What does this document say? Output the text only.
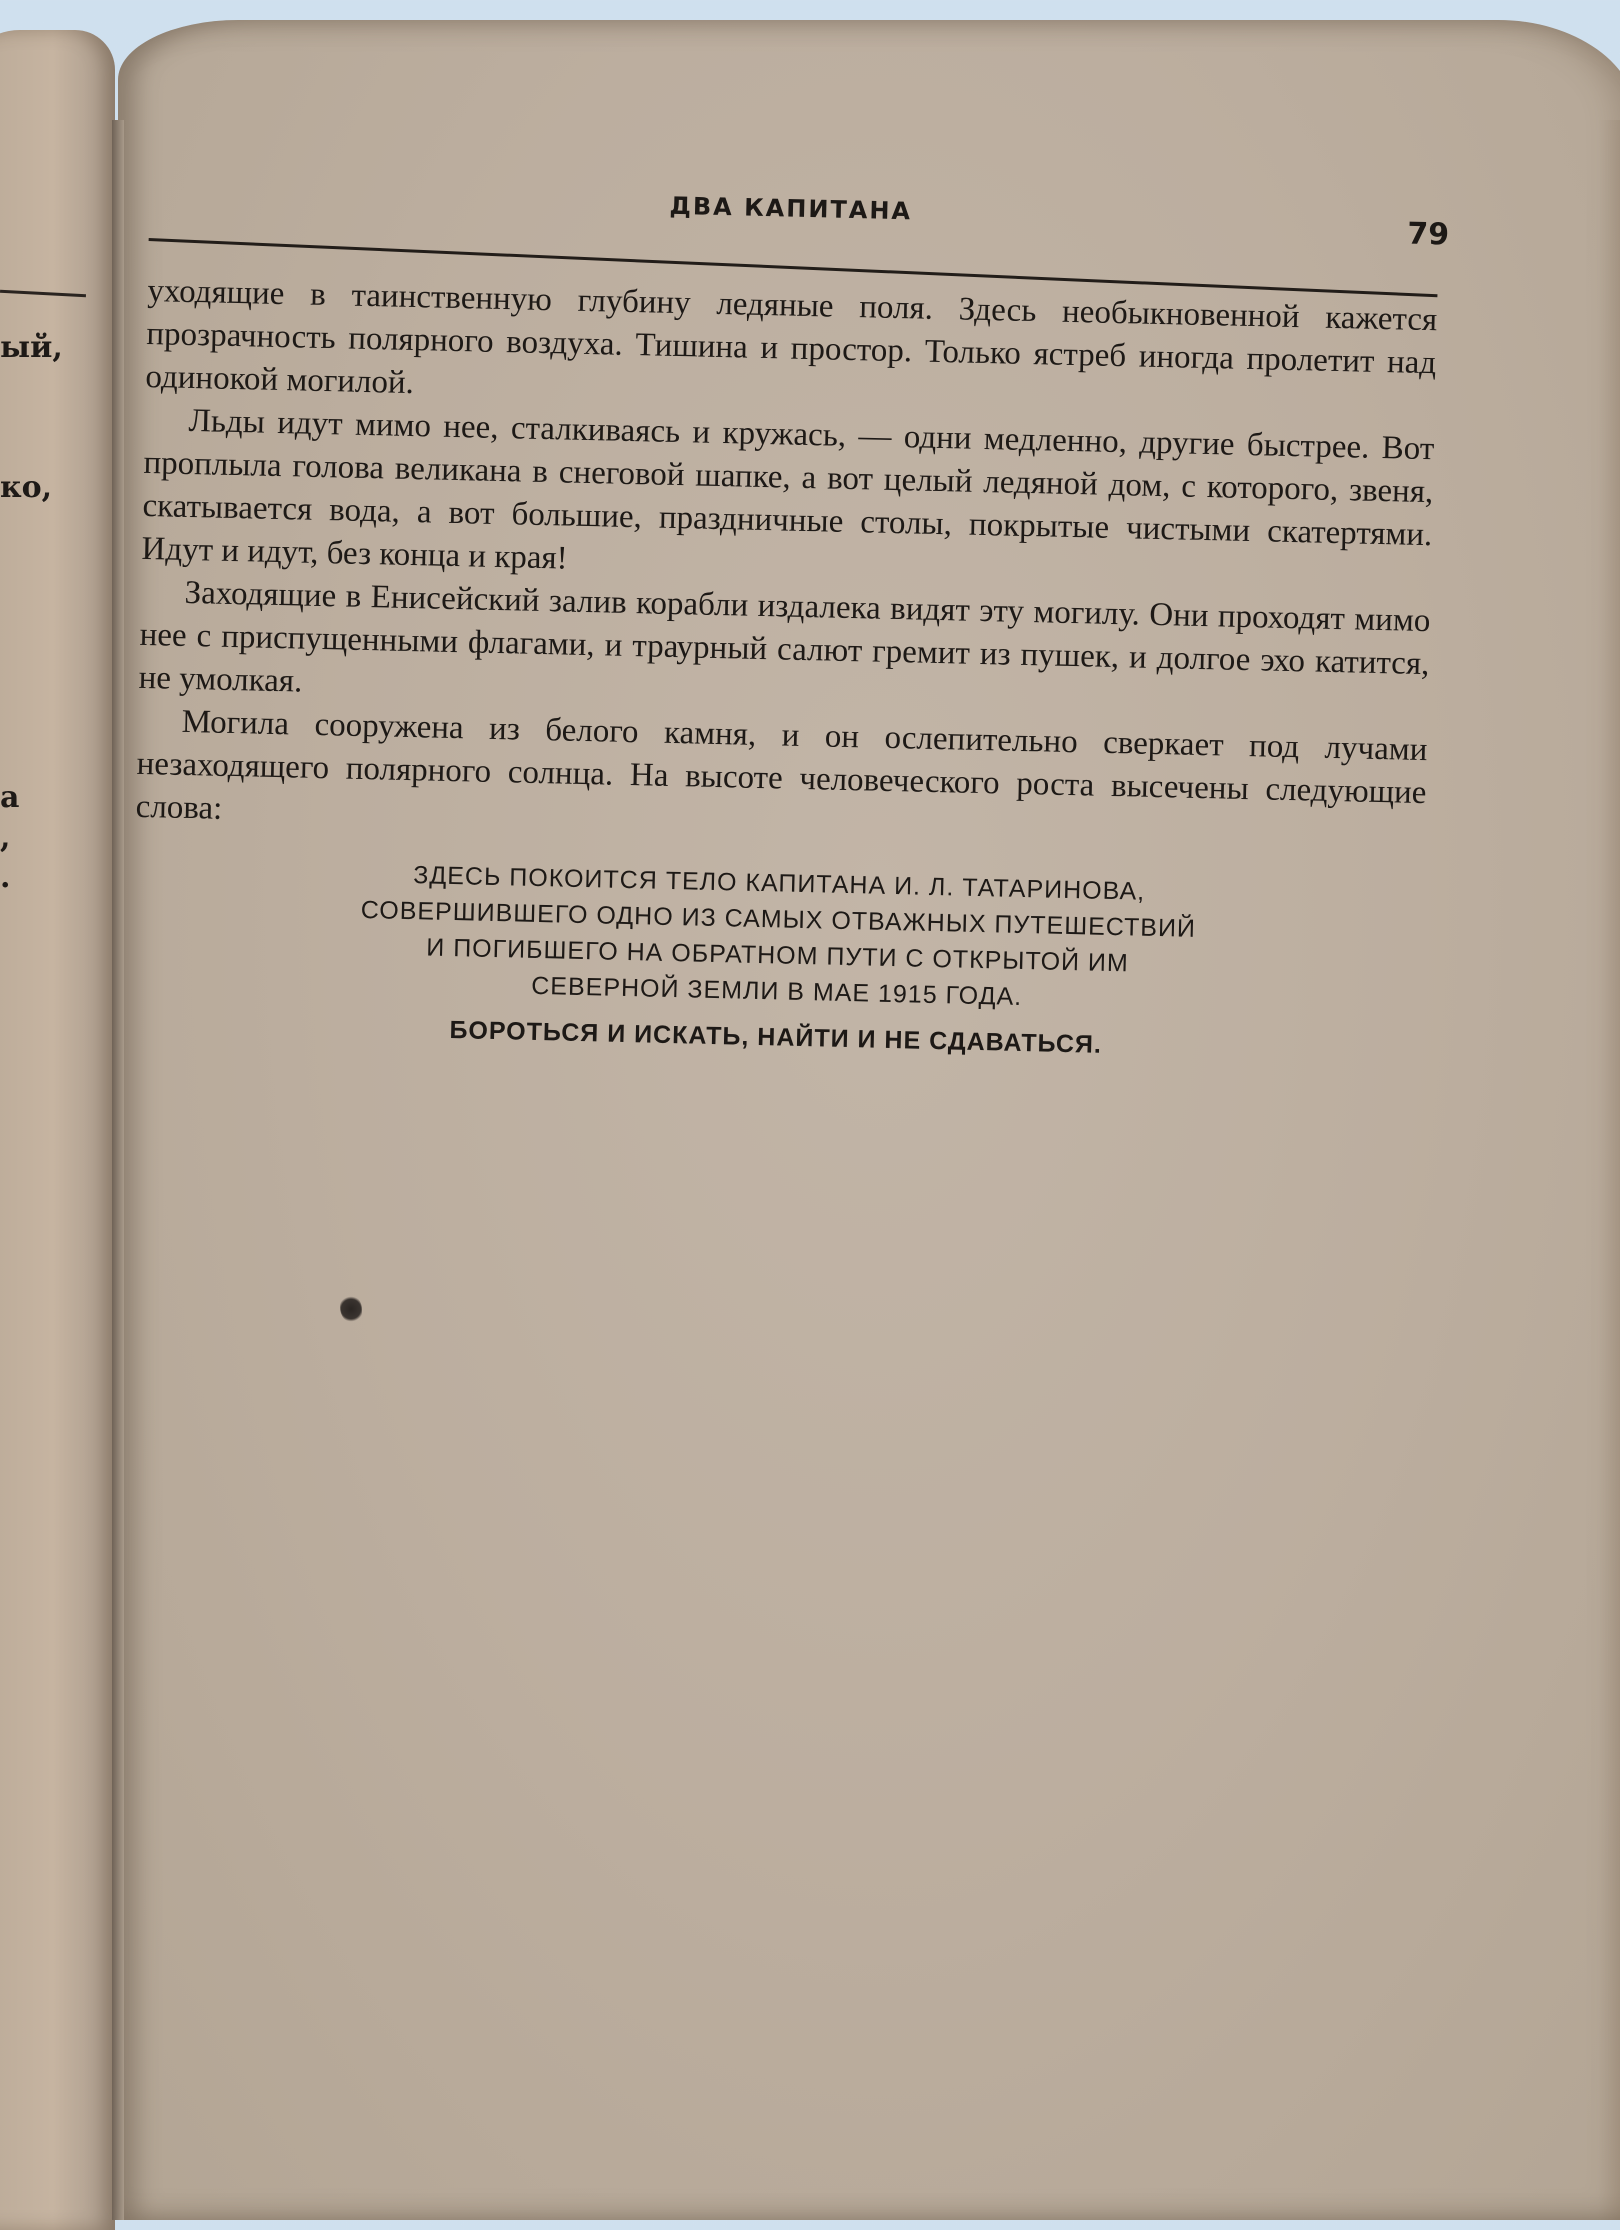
ый,
ко,
а
,
.
ДВА КАПИТАНА
79

уходящие в таинственную глубину ледяные поля. Здесь необыкновенной кажется прозрачность полярного воздуха. Тишина и простор. Только ястреб иногда пролетит над одинокой могилой.

Льды идут мимо нее, сталкиваясь и кружась, — одни медленно, другие быстрее. Вот проплыла голова великана в снеговой шапке, а вот целый ледяной дом, с которого, звеня, скатывается вода, а вот большие, праздничные столы, покрытые чистыми скатертями. Идут и идут, без конца и края!

Заходящие в Енисейский залив корабли издалека видят эту могилу. Они проходят мимо нее с приспущенными флагами, и траурный салют гремит из пушек, и долгое эхо катится, не умолкая.

Могила сооружена из белого камня, и он ослепительно сверкает под лучами незаходящего полярного солнца. На высоте человеческого роста высечены следующие слова:

ЗДЕСЬ ПОКОИТСЯ ТЕЛО КАПИТАНА И. Л. ТАТАРИНОВА,
СОВЕРШИВШЕГО ОДНО ИЗ САМЫХ ОТВАЖНЫХ ПУТЕШЕСТВИЙ
И ПОГИБШЕГО НА ОБРАТНОМ ПУТИ С ОТКРЫТОЙ ИМ
СЕВЕРНОЙ ЗЕМЛИ В МАЕ 1915 ГОДА.
БОРОТЬСЯ И ИСКАТЬ, НАЙТИ И НЕ СДАВАТЬСЯ.
